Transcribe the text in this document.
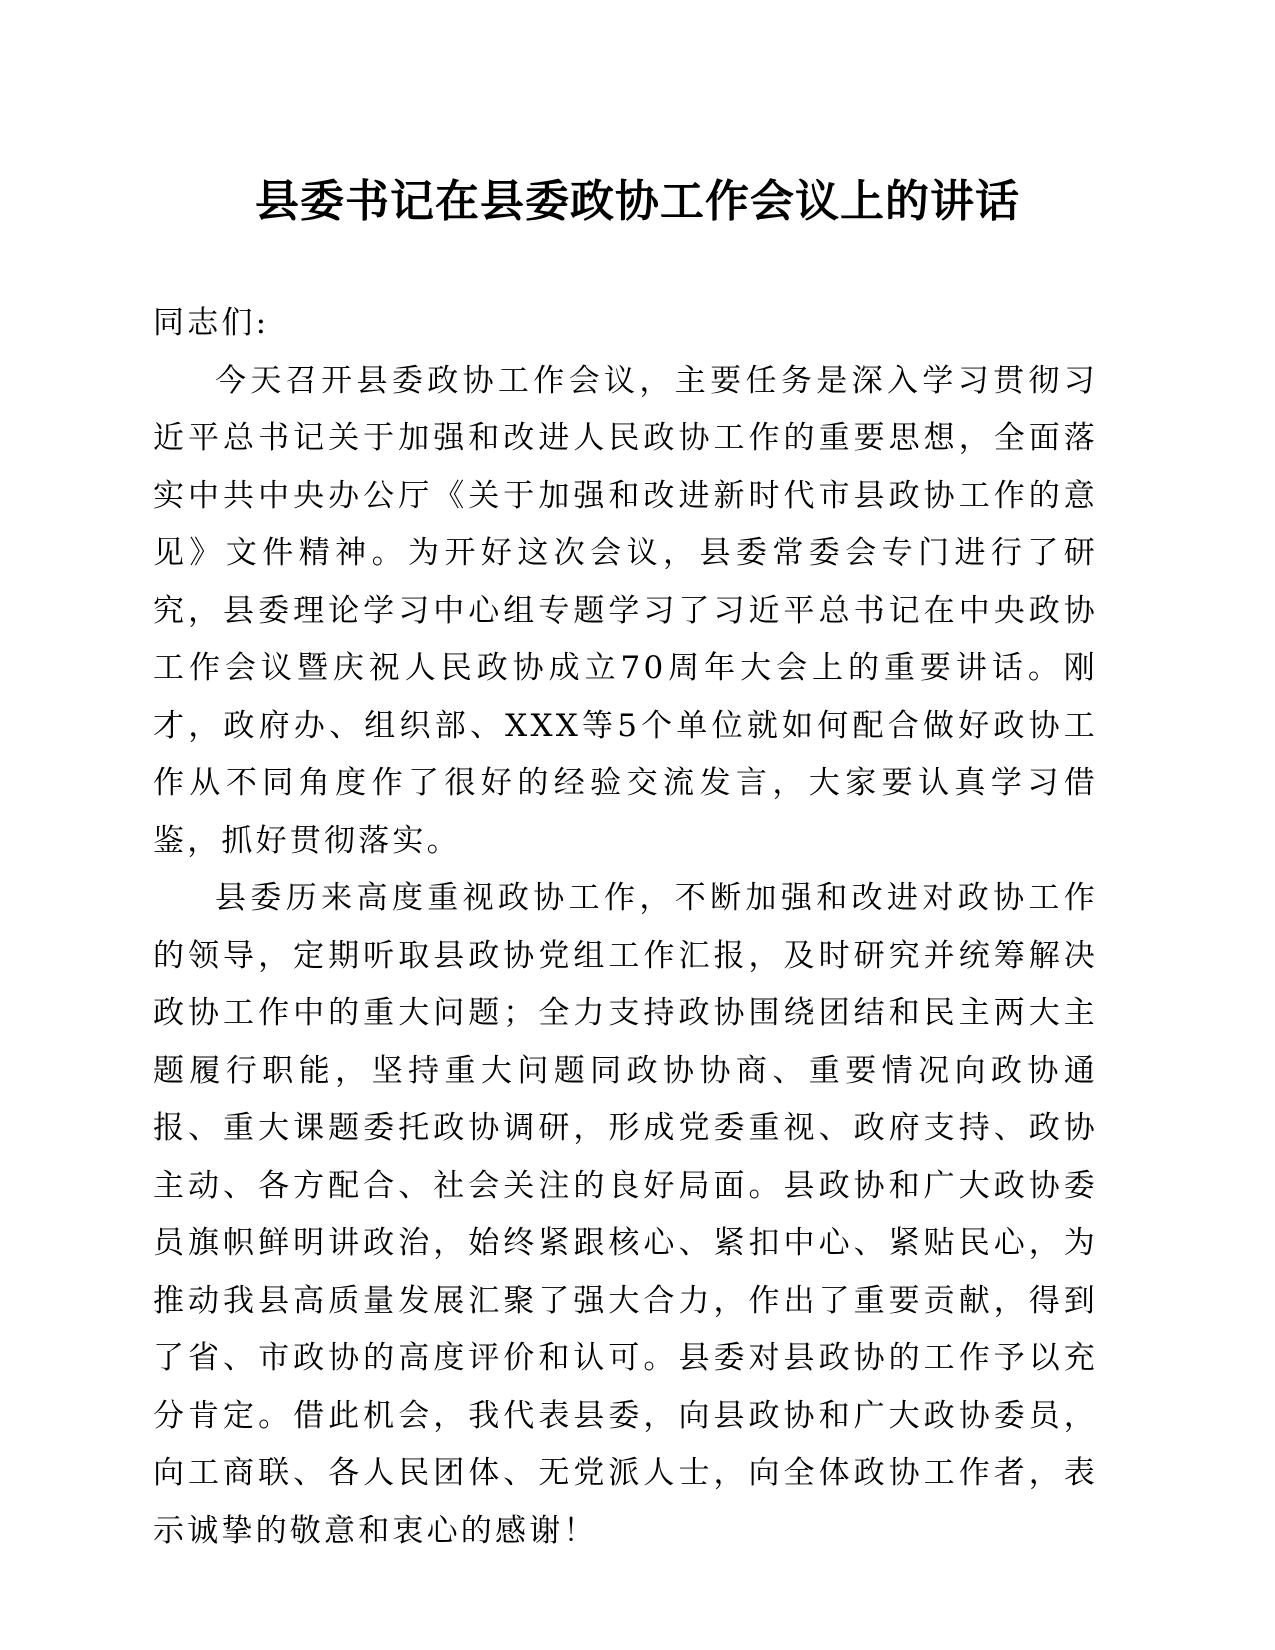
县委书记在县委政协工作会议上的讲话

同志们:

今天召开县委政协工作会议，主要任务是深入学习贯彻习近平总书记关于加强和改进人民政协工作的重要思想，全面落实中共中央办公厅《关于加强和改进新时代市县政协工作的意见》文件精神。为开好这次会议，县委常委会专门进行了研究，县委理论学习中心组专题学习了习近平总书记在中央政协工作会议暨庆祝人民政协成立70周年大会上的重要讲话。刚才，政府办、组织部、XXX等5个单位就如何配合做好政协工作从不同角度作了很好的经验交流发言，大家要认真学习借鉴，抓好贯彻落实。

县委历来高度重视政协工作，不断加强和改进对政协工作的领导，定期听取县政协党组工作汇报，及时研究并统筹解决政协工作中的重大问题；全力支持政协围绕团结和民主两大主题履行职能，坚持重大问题同政协协商、重要情况向政协通报、重大课题委托政协调研，形成党委重视、政府支持、政协主动、各方配合、社会关注的良好局面。县政协和广大政协委员旗帜鲜明讲政治，始终紧跟核心、紧扣中心、紧贴民心，为推动我县高质量发展汇聚了强大合力，作出了重要贡献，得到了省、市政协的高度评价和认可。县委对县政协的工作予以充分肯定。借此机会，我代表县委，向县政协和广大政协委员，向工商联、各人民团体、无党派人士，向全体政协工作者，表示诚挚的敬意和衷心的感谢！
